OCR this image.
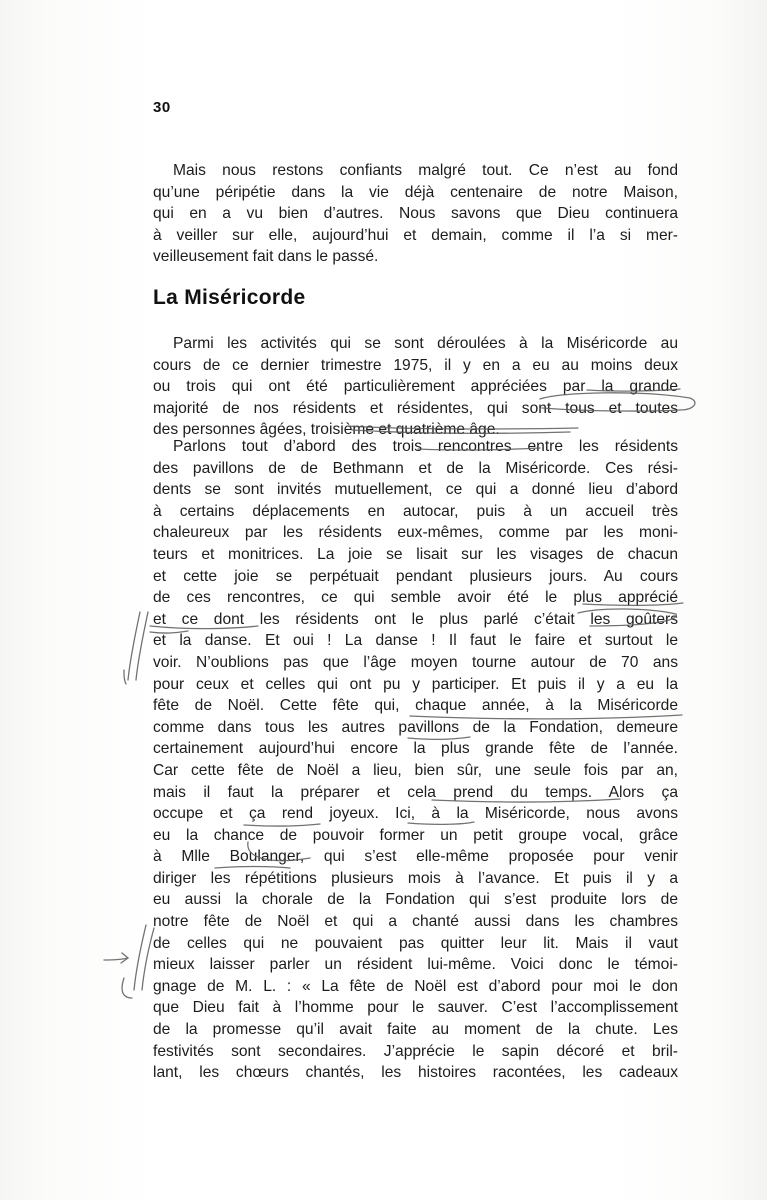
30
Mais nous restons confiants malgré tout. Ce n’est au fond
qu’une péripétie dans la vie déjà centenaire de notre Maison,
qui en a vu bien d’autres. Nous savons que Dieu continuera
à veiller sur elle, aujourd’hui et demain, comme il l’a si mer-
veilleusement fait dans le passé.
La Miséricorde
Parmi les activités qui se sont déroulées à la Miséricorde au
cours de ce dernier trimestre 1975, il y en a eu au moins deux
ou trois qui ont été particulièrement appréciées par la grande
majorité de nos résidents et résidentes, qui sont tous et toutes
des personnes âgées, troisième et quatrième âge.
Parlons tout d’abord des trois rencontres entre les résidents
des pavillons de de Bethmann et de la Miséricorde. Ces rési-
dents se sont invités mutuellement, ce qui a donné lieu d’abord
à certains déplacements en autocar, puis à un accueil très
chaleureux par les résidents eux-mêmes, comme par les moni-
teurs et monitrices. La joie se lisait sur les visages de chacun
et cette joie se perpétuait pendant plusieurs jours. Au cours
de ces rencontres, ce qui semble avoir été le plus apprécié
et ce dont les résidents ont le plus parlé c’était les goûters
et la danse. Et oui ! La danse ! Il faut le faire et surtout le
voir. N’oublions pas que l’âge moyen tourne autour de 70 ans
pour ceux et celles qui ont pu y participer. Et puis il y a eu la
fête de Noël. Cette fête qui, chaque année, à la Miséricorde
comme dans tous les autres pavillons de la Fondation, demeure
certainement aujourd’hui encore la plus grande fête de l’année.
Car cette fête de Noël a lieu, bien sûr, une seule fois par an,
mais il faut la préparer et cela prend du temps. Alors ça
occupe et ça rend joyeux. Ici, à la Miséricorde, nous avons
eu la chance de pouvoir former un petit groupe vocal, grâce
à Mlle Boulanger, qui s’est elle-même proposée pour venir
diriger les répétitions plusieurs mois à l’avance. Et puis il y a
eu aussi la chorale de la Fondation qui s’est produite lors de
notre fête de Noël et qui a chanté aussi dans les chambres
de celles qui ne pouvaient pas quitter leur lit. Mais il vaut
mieux laisser parler un résident lui-même. Voici donc le témoi-
gnage de M. L. : « La fête de Noël est d’abord pour moi le don
que Dieu fait à l’homme pour le sauver. C’est l’accomplissement
de la promesse qu’il avait faite au moment de la chute. Les
festivités sont secondaires. J’apprécie le sapin décoré et bril-
lant, les chœurs chantés, les histoires racontées, les cadeaux
